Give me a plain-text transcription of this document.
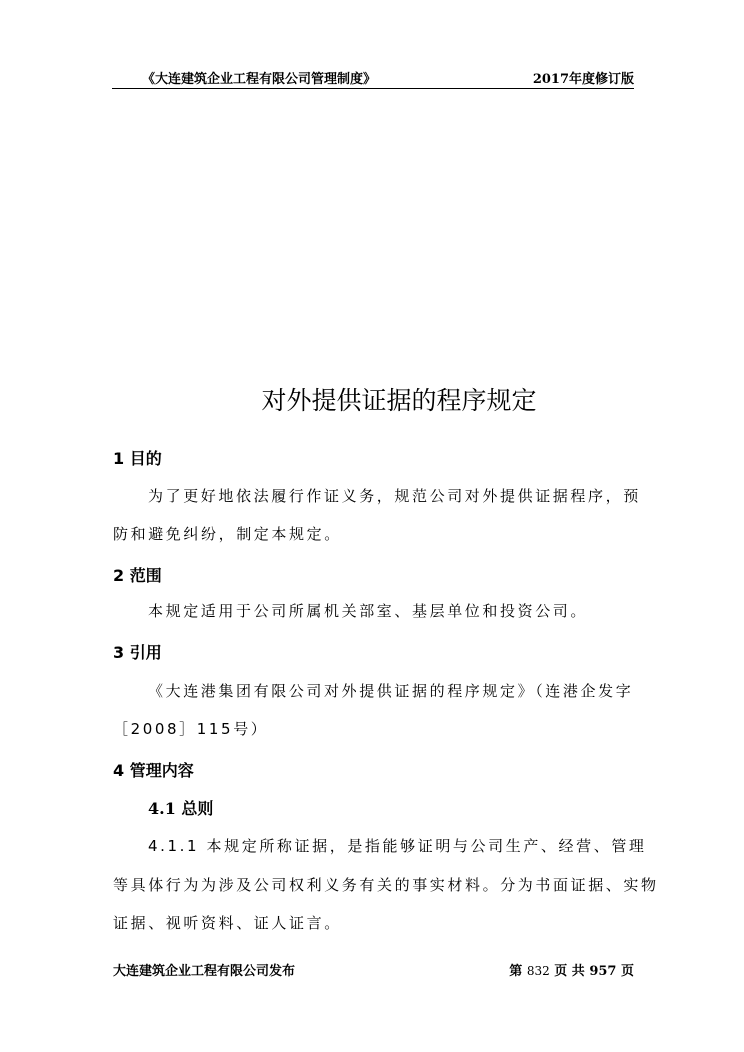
《大连建筑企业工程有限公司管理制度》	2017年度修订版
对外提供证据的程序规定
1 目的
为了更好地依法履行作证义务，规范公司对外提供证据程序，预
防和避免纠纷，制定本规定。
2 范围
本规定适用于公司所属机关部室、基层单位和投资公司。
3 引用
《大连港集团有限公司对外提供证据的程序规定》（连港企发字
［2008］115号）
4 管理内容
4.1 总则
4.1.1 本规定所称证据，是指能够证明与公司生产、经营、管理
等具体行为为涉及公司权利义务有关的事实材料。分为书面证据、实物
证据、视听资料、证人证言。
大连建筑企业工程有限公司发布	第 832 页 共 957 页
